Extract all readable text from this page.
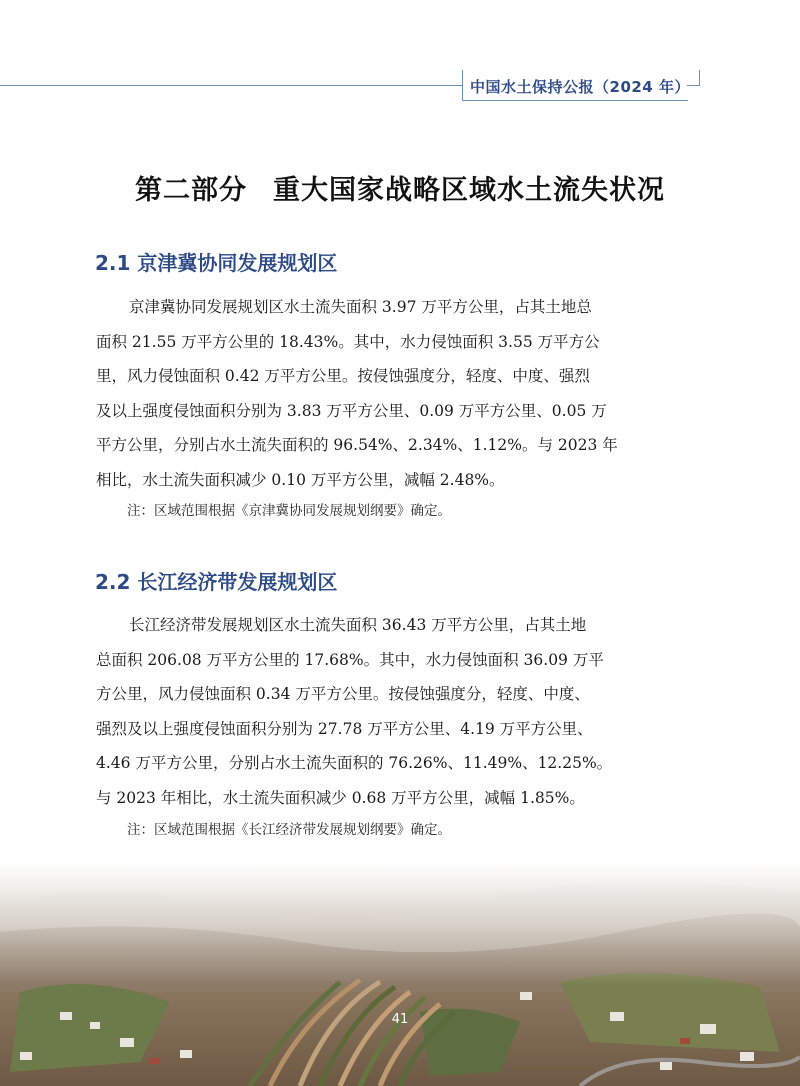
中国水土保持公报（2024 年）
第二部分 重大国家战略区域水土流失状况
2.1 京津冀协同发展规划区
京津冀协同发展规划区水土流失面积 3.97 万平方公里，占其土地总
面积 21.55 万平方公里的 18.43%。其中，水力侵蚀面积 3.55 万平方公
里，风力侵蚀面积 0.42 万平方公里。按侵蚀强度分，轻度、中度、强烈
及以上强度侵蚀面积分别为 3.83 万平方公里、0.09 万平方公里、0.05 万
平方公里，分别占水土流失面积的 96.54%、2.34%、1.12%。与 2023 年
相比，水土流失面积减少 0.10 万平方公里，减幅 2.48%。
注：区域范围根据《京津冀协同发展规划纲要》确定。
2.2 长江经济带发展规划区
长江经济带发展规划区水土流失面积 36.43 万平方公里，占其土地
总面积 206.08 万平方公里的 17.68%。其中，水力侵蚀面积 36.09 万平
方公里，风力侵蚀面积 0.34 万平方公里。按侵蚀强度分，轻度、中度、
强烈及以上强度侵蚀面积分别为 27.78 万平方公里、4.19 万平方公里、
4.46 万平方公里，分别占水土流失面积的 76.26%、11.49%、12.25%。
与 2023 年相比，水土流失面积减少 0.68 万平方公里，减幅 1.85%。
注：区域范围根据《长江经济带发展规划纲要》确定。
41
